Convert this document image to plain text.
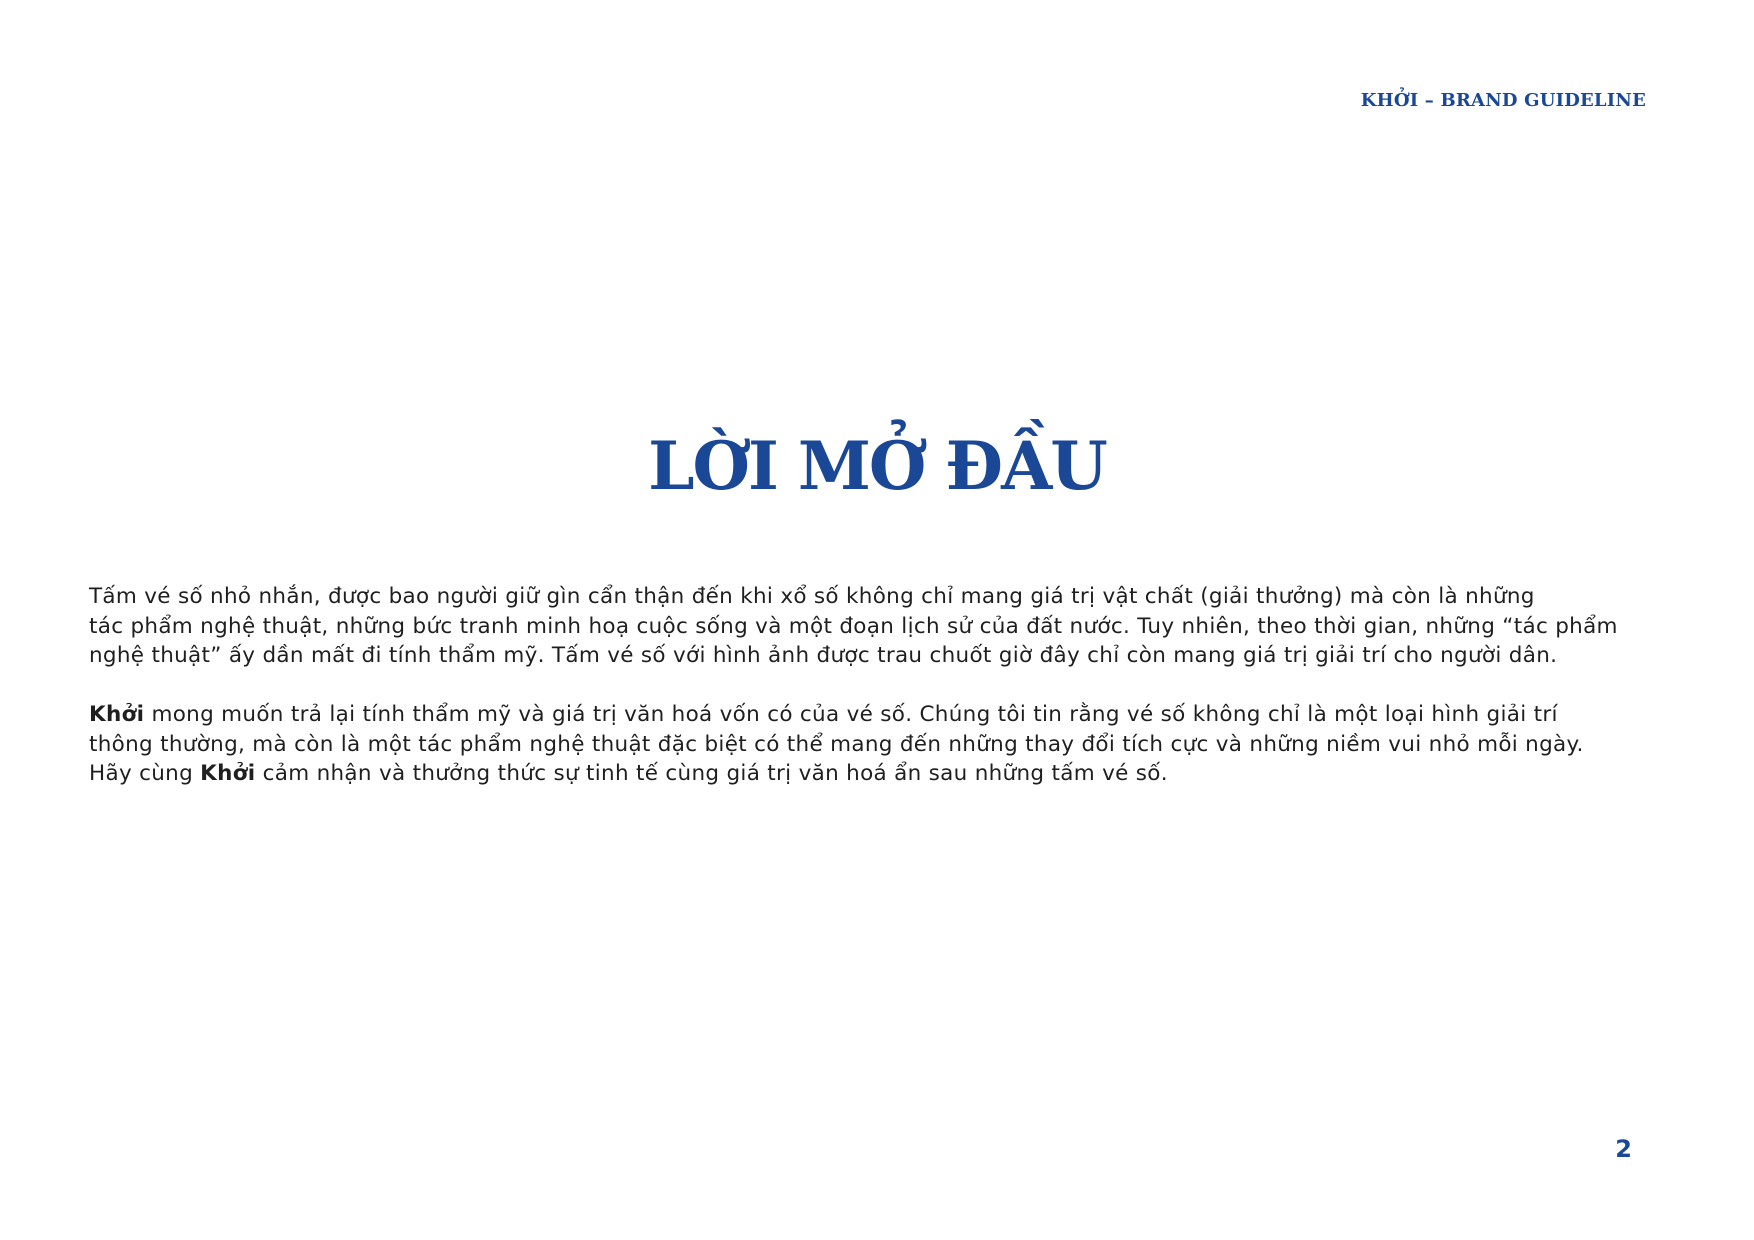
KHỞI – BRAND GUIDELINE
LỜI MỞ ĐẦU

Tấm vé số nhỏ nhắn, được bao người giữ gìn cẩn thận đến khi xổ số không chỉ mang giá trị vật chất (giải thưởng) mà còn là những
tác phẩm nghệ thuật, những bức tranh minh hoạ cuộc sống và một đoạn lịch sử của đất nước. Tuy nhiên, theo thời gian, những “tác phẩm
nghệ thuật” ấy dần mất đi tính thẩm mỹ. Tấm vé số với hình ảnh được trau chuốt giờ đây chỉ còn mang giá trị giải trí cho người dân.

Khởi mong muốn trả lại tính thẩm mỹ và giá trị văn hoá vốn có của vé số. Chúng tôi tin rằng vé số không chỉ là một loại hình giải trí
thông thường, mà còn là một tác phẩm nghệ thuật đặc biệt có thể mang đến những thay đổi tích cực và những niềm vui nhỏ mỗi ngày.
Hãy cùng Khởi cảm nhận và thưởng thức sự tinh tế cùng giá trị văn hoá ẩn sau những tấm vé số.

2
